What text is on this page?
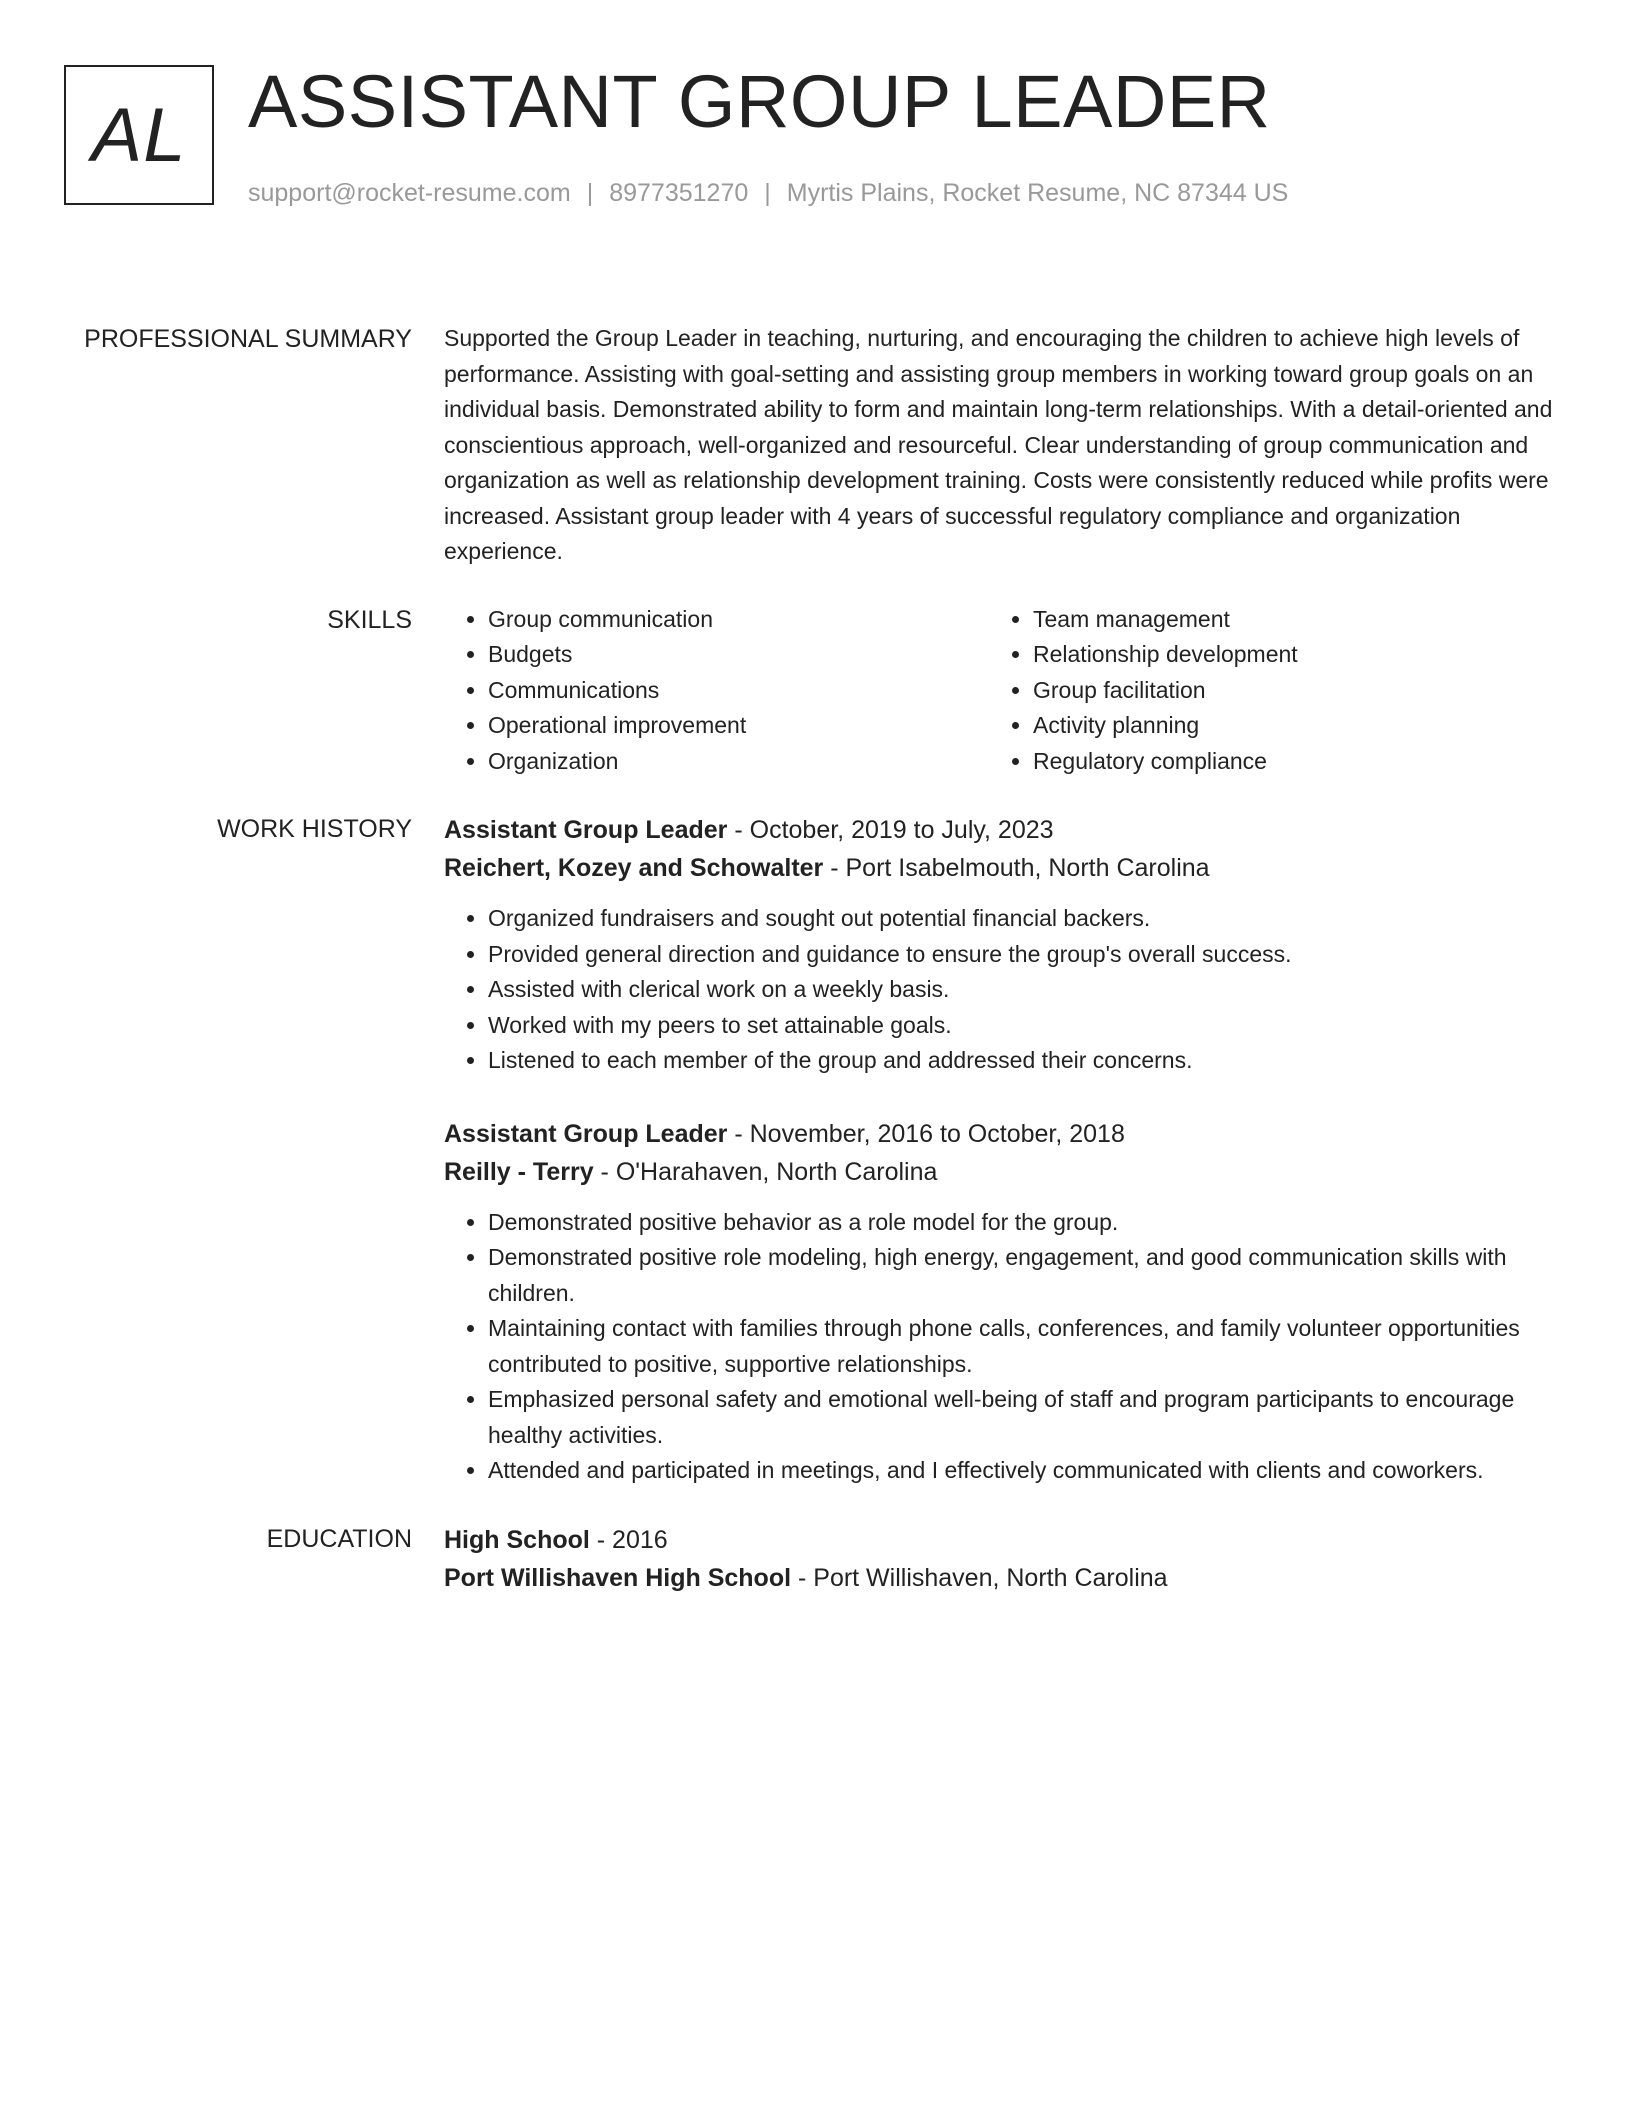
AL ASSISTANT GROUP LEADER
support@rocket-resume.com | 8977351270 | Myrtis Plains, Rocket Resume, NC 87344 US
PROFESSIONAL SUMMARY Supported the Group Leader in teaching, nurturing, and encouraging the children to achieve high levels of performance. Assisting with goal-setting and assisting group members in working toward group goals on an individual basis. Demonstrated ability to form and maintain long-term relationships. With a detail-oriented and conscientious approach, well-organized and resourceful. Clear understanding of group communication and organization as well as relationship development training. Costs were consistently reduced while profits were increased. Assistant group leader with 4 years of successful regulatory compliance and organization experience.

SKILLS
•	Group communication
• Budgets
• Communications
• Operational improvement
• Organization
• Team management
• Relationship development
• Group facilitation
• Activity planning
• Regulatory compliance
WORK HISTORY Assistant Group Leader - October, 2019 to July, 2023
Reichert, Kozey and Schowalter - Port Isabelmouth, North Carolina
• Organized fundraisers and sought out potential financial backers.
• Provided general direction and guidance to ensure the group's overall success.
• Assisted with clerical work on a weekly basis.
• Worked with my peers to set attainable goals.
• Listened to each member of the group and addressed their concerns.
Assistant Group Leader - November, 2016 to October, 2018
Reilly - Terry - O'Harahaven, North Carolina
• Demonstrated positive behavior as a role model for the group.
• Demonstrated positive role modeling, high energy, engagement, and good communication skills with children.
• Maintaining contact with families through phone calls, conferences, and family volunteer opportunities contributed to positive, supportive relationships.
• Emphasized personal safety and emotional well-being of staff and program participants to encourage healthy activities.
• Attended and participated in meetings, and I effectively communicated with clients and coworkers.
EDUCATION High School - 2016
Port Willishaven High School - Port Willishaven, North Carolina
